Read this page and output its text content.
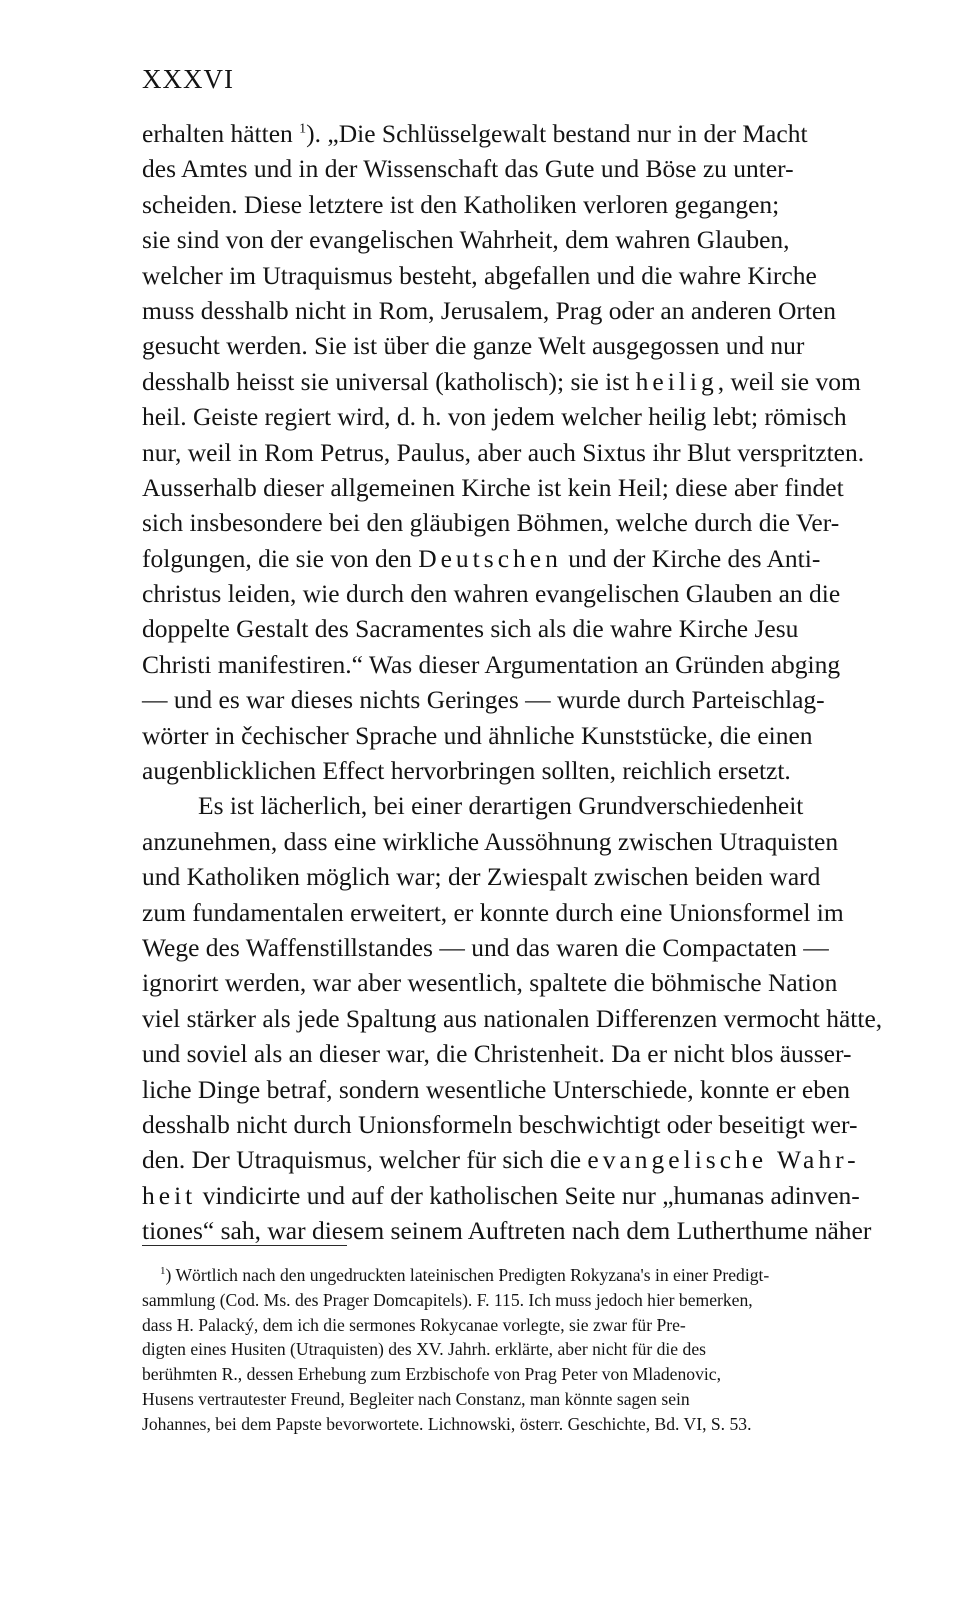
XXXVI
erhalten hätten $^1$). „Die Schlüsselgewalt bestand nur in der Macht
des Amtes und in der Wissenschaft das Gute und Böse zu unter-
scheiden. Diese letztere ist den Katholiken verloren gegangen;
sie sind von der evangelischen Wahrheit, dem wahren Glauben,
welcher im Utraquismus besteht, abgefallen und die wahre Kirche
muss desshalb nicht in Rom, Jerusalem, Prag oder an anderen Orten
gesucht werden. Sie ist über die ganze Welt ausgegossen und nur
desshalb heisst sie universal (katholisch); sie ist heilig, weil sie vom
heil. Geiste regiert wird, d. h. von jedem welcher heilig lebt; römisch
nur, weil in Rom Petrus, Paulus, aber auch Sixtus ihr Blut verspritzten.
Ausserhalb dieser allgemeinen Kirche ist kein Heil; diese aber findet
sich insbesondere bei den gläubigen Böhmen, welche durch die Ver-
folgungen, die sie von den Deutschen und der Kirche des Anti-
christus leiden, wie durch den wahren evangelischen Glauben an die
doppelte Gestalt des Sacramentes sich als die wahre Kirche Jesu
Christi manifestiren.“ Was dieser Argumentation an Gründen abging
— und es war dieses nichts Geringes — wurde durch Parteischlag-
wörter in čechischer Sprache und ähnliche Kunststücke, die einen
augenblicklichen Effect hervorbringen sollten, reichlich ersetzt.
Es ist lächerlich, bei einer derartigen Grundverschiedenheit
anzunehmen, dass eine wirkliche Aussöhnung zwischen Utraquisten
und Katholiken möglich war; der Zwiespalt zwischen beiden ward
zum fundamentalen erweitert, er konnte durch eine Unionsformel im
Wege des Waffenstillstandes — und das waren die Compactaten —
ignorirt werden, war aber wesentlich, spaltete die böhmische Nation
viel stärker als jede Spaltung aus nationalen Differenzen vermocht hätte,
und soviel als an dieser war, die Christenheit. Da er nicht blos äusser-
liche Dinge betraf, sondern wesentliche Unterschiede, konnte er eben
desshalb nicht durch Unionsformeln beschwichtigt oder beseitigt wer-
den. Der Utraquismus, welcher für sich die evangelische Wahr-
heit vindicirte und auf der katholischen Seite nur „humanas adinven-
tiones“ sah, war diesem seinem Auftreten nach dem Lutherthume näher
$^1$) Wörtlich nach den ungedruckten lateinischen Predigten Rokyzana's in einer Predigt-
sammlung (Cod. Ms. des Prager Domcapitels). F. 115. Ich muss jedoch hier bemerken,
dass H. Palacký, dem ich die sermones Rokycanae vorlegte, sie zwar für Pre-
digten eines Husiten (Utraquisten) des XV. Jahrh. erklärte, aber nicht für die des
berühmten R., dessen Erhebung zum Erzbischofe von Prag Peter von Mladenovic,
Husens vertrautester Freund, Begleiter nach Constanz, man könnte sagen sein
Johannes, bei dem Papste bevorwortete. Lichnowski, österr. Geschichte, Bd. VI, S. 53.
